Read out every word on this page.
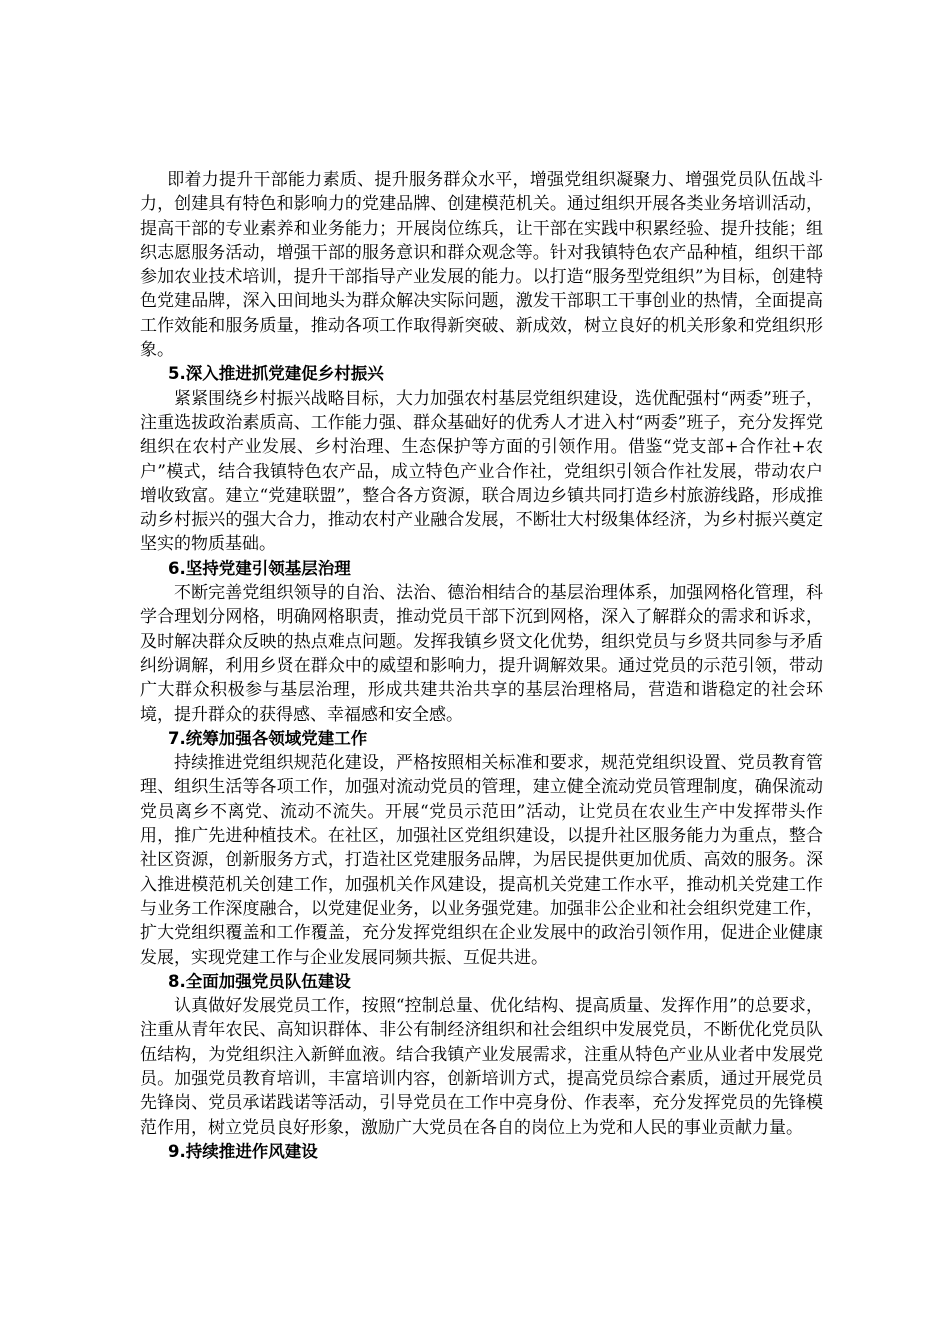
即着力提升干部能力素质、提升服务群众水平，增强党组织凝聚力、增强党员队伍战斗力，创建具有特色和影响力的党建品牌、创建模范机关。通过组织开展各类业务培训活动，提高干部的专业素养和业务能力；开展岗位练兵，让干部在实践中积累经验、提升技能；组织志愿服务活动，增强干部的服务意识和群众观念等。针对我镇特色农产品种植，组织干部参加农业技术培训，提升干部指导产业发展的能力。以打造“服务型党组织”为目标，创建特色党建品牌，深入田间地头为群众解决实际问题，激发干部职工干事创业的热情，全面提高工作效能和服务质量，推动各项工作取得新突破、新成效，树立良好的机关形象和党组织形象。

5.深入推进抓党建促乡村振兴

紧紧围绕乡村振兴战略目标，大力加强农村基层党组织建设，选优配强村“两委”班子，注重选拔政治素质高、工作能力强、群众基础好的优秀人才进入村“两委”班子，充分发挥党组织在农村产业发展、乡村治理、生态保护等方面的引领作用。借鉴“党支部+合作社+农户”模式，结合我镇特色农产品，成立特色产业合作社，党组织引领合作社发展，带动农户增收致富。建立“党建联盟”，整合各方资源，联合周边乡镇共同打造乡村旅游线路，形成推动乡村振兴的强大合力，推动农村产业融合发展，不断壮大村级集体经济，为乡村振兴奠定坚实的物质基础。

6.坚持党建引领基层治理

不断完善党组织领导的自治、法治、德治相结合的基层治理体系，加强网格化管理，科学合理划分网格，明确网格职责，推动党员干部下沉到网格，深入了解群众的需求和诉求，及时解决群众反映的热点难点问题。发挥我镇乡贤文化优势，组织党员与乡贤共同参与矛盾纠纷调解，利用乡贤在群众中的威望和影响力，提升调解效果。通过党员的示范引领，带动广大群众积极参与基层治理，形成共建共治共享的基层治理格局，营造和谐稳定的社会环境，提升群众的获得感、幸福感和安全感。

7.统筹加强各领域党建工作

持续推进党组织规范化建设，严格按照相关标准和要求，规范党组织设置、党员教育管理、组织生活等各项工作，加强对流动党员的管理，建立健全流动党员管理制度，确保流动党员离乡不离党、流动不流失。开展“党员示范田”活动，让党员在农业生产中发挥带头作用，推广先进种植技术。在社区，加强社区党组织建设，以提升社区服务能力为重点，整合社区资源，创新服务方式，打造社区党建服务品牌，为居民提供更加优质、高效的服务。深入推进模范机关创建工作，加强机关作风建设，提高机关党建工作水平，推动机关党建工作与业务工作深度融合，以党建促业务，以业务强党建。加强非公企业和社会组织党建工作，扩大党组织覆盖和工作覆盖，充分发挥党组织在企业发展中的政治引领作用，促进企业健康发展，实现党建工作与企业发展同频共振、互促共进。

8.全面加强党员队伍建设

认真做好发展党员工作，按照“控制总量、优化结构、提高质量、发挥作用”的总要求，注重从青年农民、高知识群体、非公有制经济组织和社会组织中发展党员，不断优化党员队伍结构，为党组织注入新鲜血液。结合我镇产业发展需求，注重从特色产业从业者中发展党员。加强党员教育培训，丰富培训内容，创新培训方式，提高党员综合素质，通过开展党员先锋岗、党员承诺践诺等活动，引导党员在工作中亮身份、作表率，充分发挥党员的先锋模范作用，树立党员良好形象，激励广大党员在各自的岗位上为党和人民的事业贡献力量。

9.持续推进作风建设
